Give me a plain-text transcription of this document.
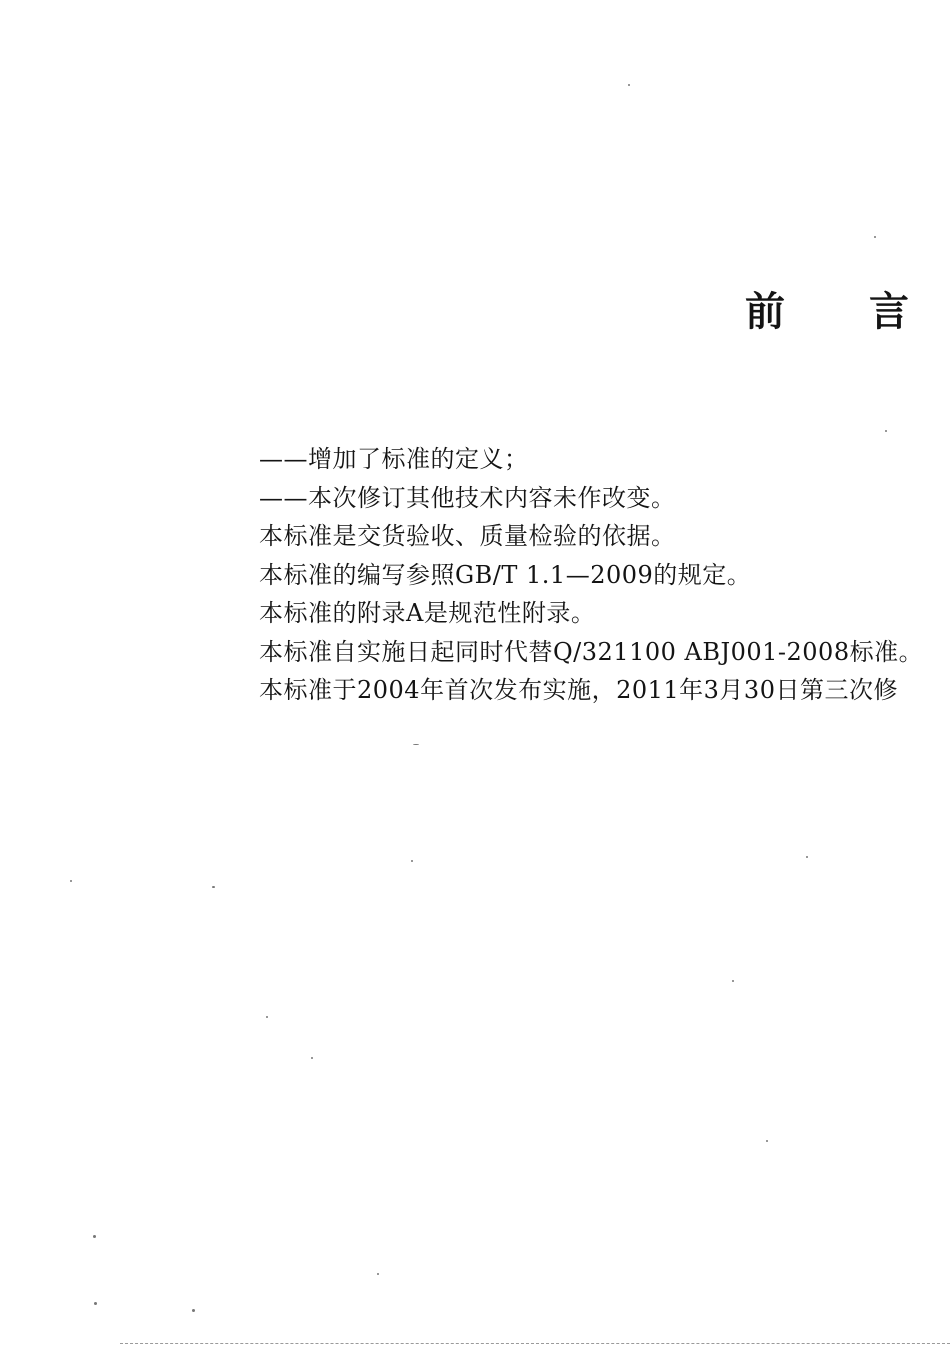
前 言
——增加了标准的定义；
——本次修订其他技术内容未作改变。
本标准是交货验收、质量检验的依据。
本标准的编写参照GB/T 1.1—2009的规定。
本标准的附录A是规范性附录。
本标准自实施日起同时代替Q/321100 ABJ001-2008标准。
本标准于2004年首次发布实施，2011年3月30日第三次修
